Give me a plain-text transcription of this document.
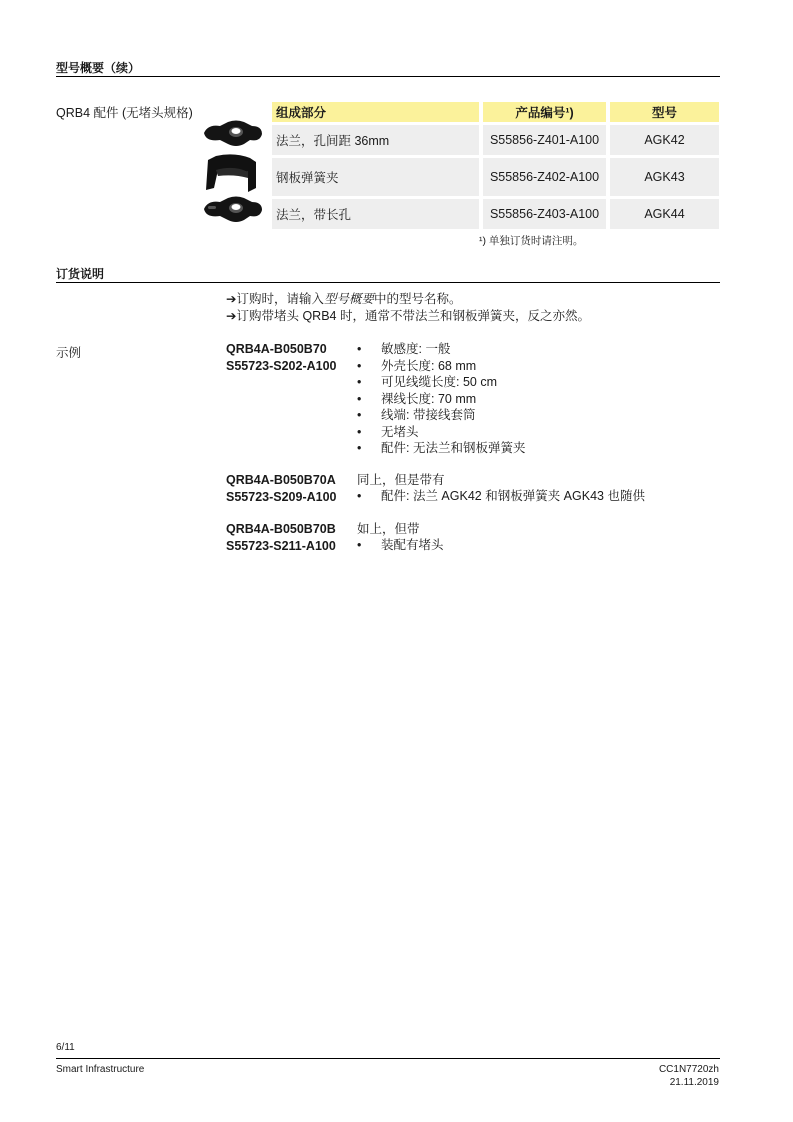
型号概要（续）
QRB4 配件 (无堵头规格)	组成部分	产品编号¹)	型号
法兰，孔间距 36mm	S55856-Z401-A100	AGK42
钢板弹簧夹	S55856-Z402-A100	AGK43
法兰，带长孔	S55856-Z403-A100	AGK44
¹) 单独订货时请注明。
订货说明
➔订购时，请输入型号概要中的型号名称。
➔订购带堵头 QRB4 时，通常不带法兰和钢板弹簧夹，反之亦然。
示例	QRB4A-B050B70
S55723-S202-A100
•	敏感度: 一般
•	外壳长度: 68 mm
•	可见线缆长度: 50 cm
•	裸线长度: 70 mm
•	线端: 带接线套筒
•	无堵头
•	配件: 无法兰和钢板弹簧夹
QRB4A-B050B70A
S55723-S209-A100
同上，但是带有
•	配件: 法兰 AGK42 和钢板弹簧夹 AGK43 也随供
QRB4A-B050B70B
S55723-S211-A100
如上，但带
•	装配有堵头
6/11
Smart Infrastructure	CC1N7720zh
21.11.2019
